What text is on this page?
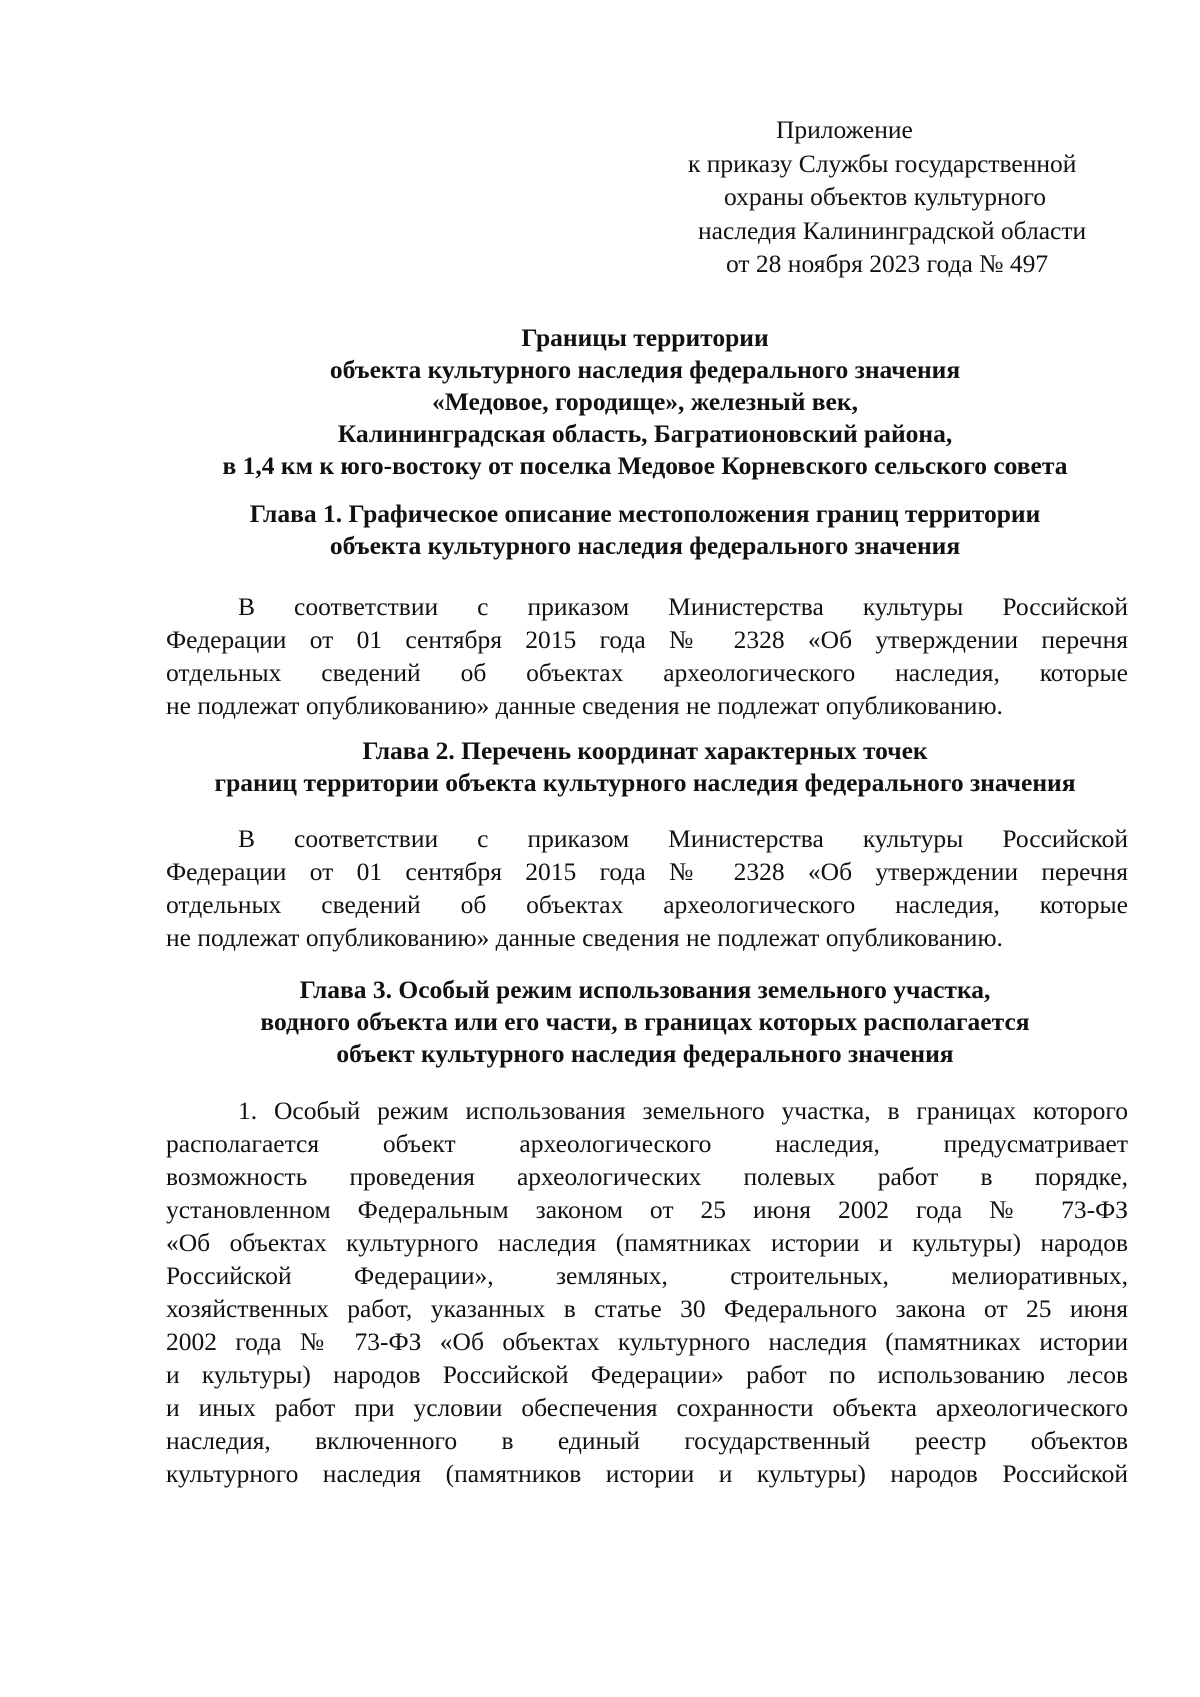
Приложение
к приказу Службы государственной
охраны объектов культурного
наследия Калининградской области
от 28 ноября 2023 года № 497
Границы территории
объекта культурного наследия федерального значения
«Медовое, городище», железный век,
Калининградская область, Багратионовский района,
в 1,4 км к юго-востоку от поселка Медовое Корневского сельского совета
Глава 1. Графическое описание местоположения границ территории
объекта культурного наследия федерального значения
В соответствии с приказом Министерства культуры Российской
Федерации от 01 сентября 2015 года № 2328 «Об утверждении перечня
отдельных сведений об объектах археологического наследия, которые
не подлежат опубликованию» данные сведения не подлежат опубликованию.
Глава 2. Перечень координат характерных точек
границ территории объекта культурного наследия федерального значения
В соответствии с приказом Министерства культуры Российской
Федерации от 01 сентября 2015 года № 2328 «Об утверждении перечня
отдельных сведений об объектах археологического наследия, которые
не подлежат опубликованию» данные сведения не подлежат опубликованию.
Глава 3. Особый режим использования земельного участка,
водного объекта или его части, в границах которых располагается
объект культурного наследия федерального значения
1. Особый режим использования земельного участка, в границах которого
располагается объект археологического наследия, предусматривает
возможность проведения археологических полевых работ в порядке,
установленном Федеральным законом от 25 июня 2002 года № 73-ФЗ
«Об объектах культурного наследия (памятниках истории и культуры) народов
Российской Федерации», земляных, строительных, мелиоративных,
хозяйственных работ, указанных в статье 30 Федерального закона от 25 июня
2002 года № 73-ФЗ «Об объектах культурного наследия (памятниках истории
и культуры) народов Российской Федерации» работ по использованию лесов
и иных работ при условии обеспечения сохранности объекта археологического
наследия, включенного в единый государственный реестр объектов
культурного наследия (памятников истории и культуры) народов Российской
